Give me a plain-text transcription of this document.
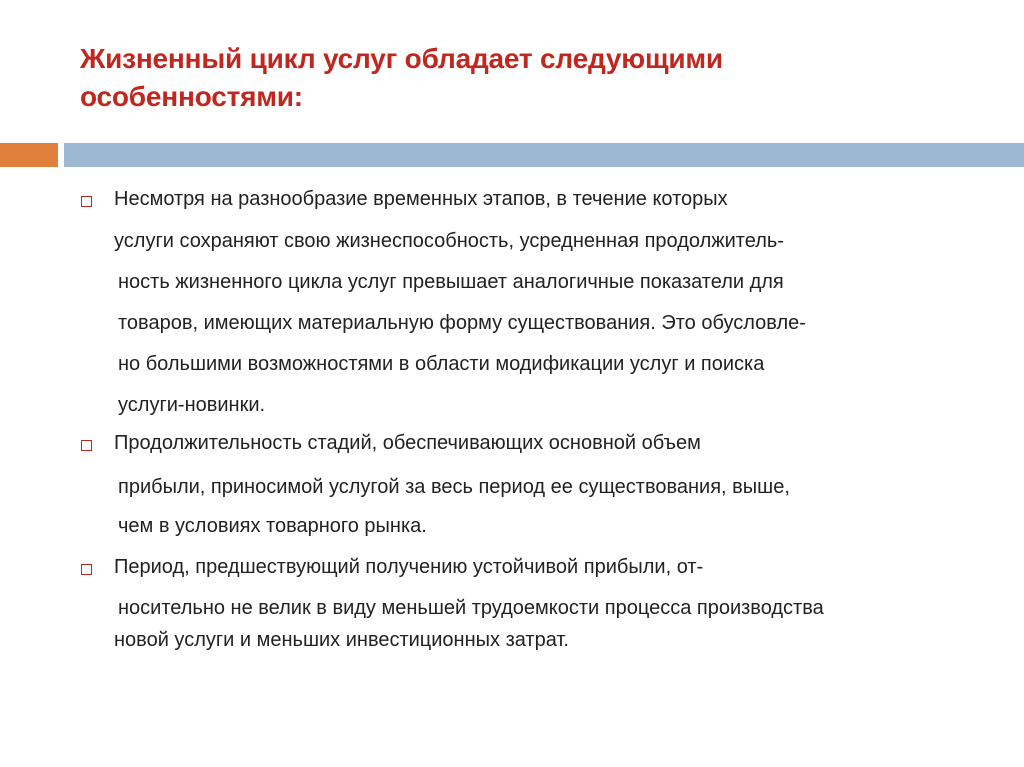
Жизненный цикл услуг обладает следующими
особенностями:
Несмотря на разнообразие временных этапов, в течение которых
услуги сохраняют свою жизнеспособность, усредненная продолжитель-
ность жизненного цикла услуг превышает аналогичные показатели для
товаров, имеющих материальную форму существования. Это обусловле-
но большими возможностями в области модификации услуг и поиска
услуги-новинки.
Продолжительность стадий, обеспечивающих основной объем
прибыли, приносимой услугой за весь период ее существования, выше,
чем в условиях товарного рынка.
Период, предшествующий получению устойчивой прибыли, от-
носительно не велик в виду меньшей трудоемкости процесса производства
новой услуги и меньших инвестиционных затрат.
